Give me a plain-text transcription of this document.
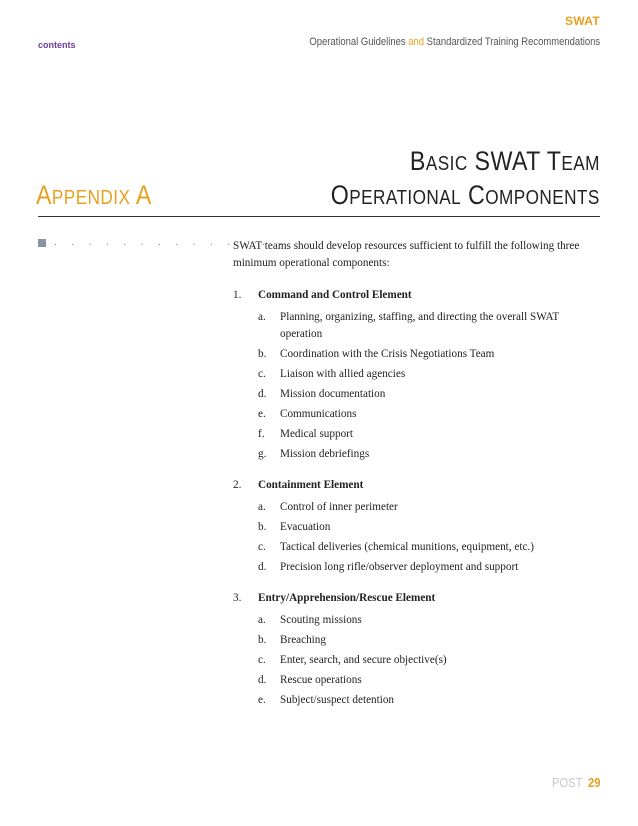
SWAT
contents	Operational Guidelines and Standardized Training Recommendations
BASIC SWAT TEAM
OPERATIONAL COMPONENTS
APPENDIX A
. . . . . . . . . . . . . .

SWAT teams should develop resources sufficient to fulfill the following three minimum operational components:

1.	Command and Control Element
a.	Planning, organizing, staffing, and directing the overall SWAT operation
b.	Coordination with the Crisis Negotiations Team
c.	Liaison with allied agencies
d.	Mission documentation
e.	Communications
f.	Medical support
g.	Mission debriefings
2.	Containment Element
a.	Control of inner perimeter
b.	Evacuation
c.	Tactical deliveries (chemical munitions, equipment, etc.)
d.	Precision long rifle/observer deployment and support
3.	Entry/Apprehension/Rescue Element
a.	Scouting missions
b.	Breaching
c.	Enter, search, and secure objective(s)
d.	Rescue operations
e.	Subject/suspect detention
POST 29
